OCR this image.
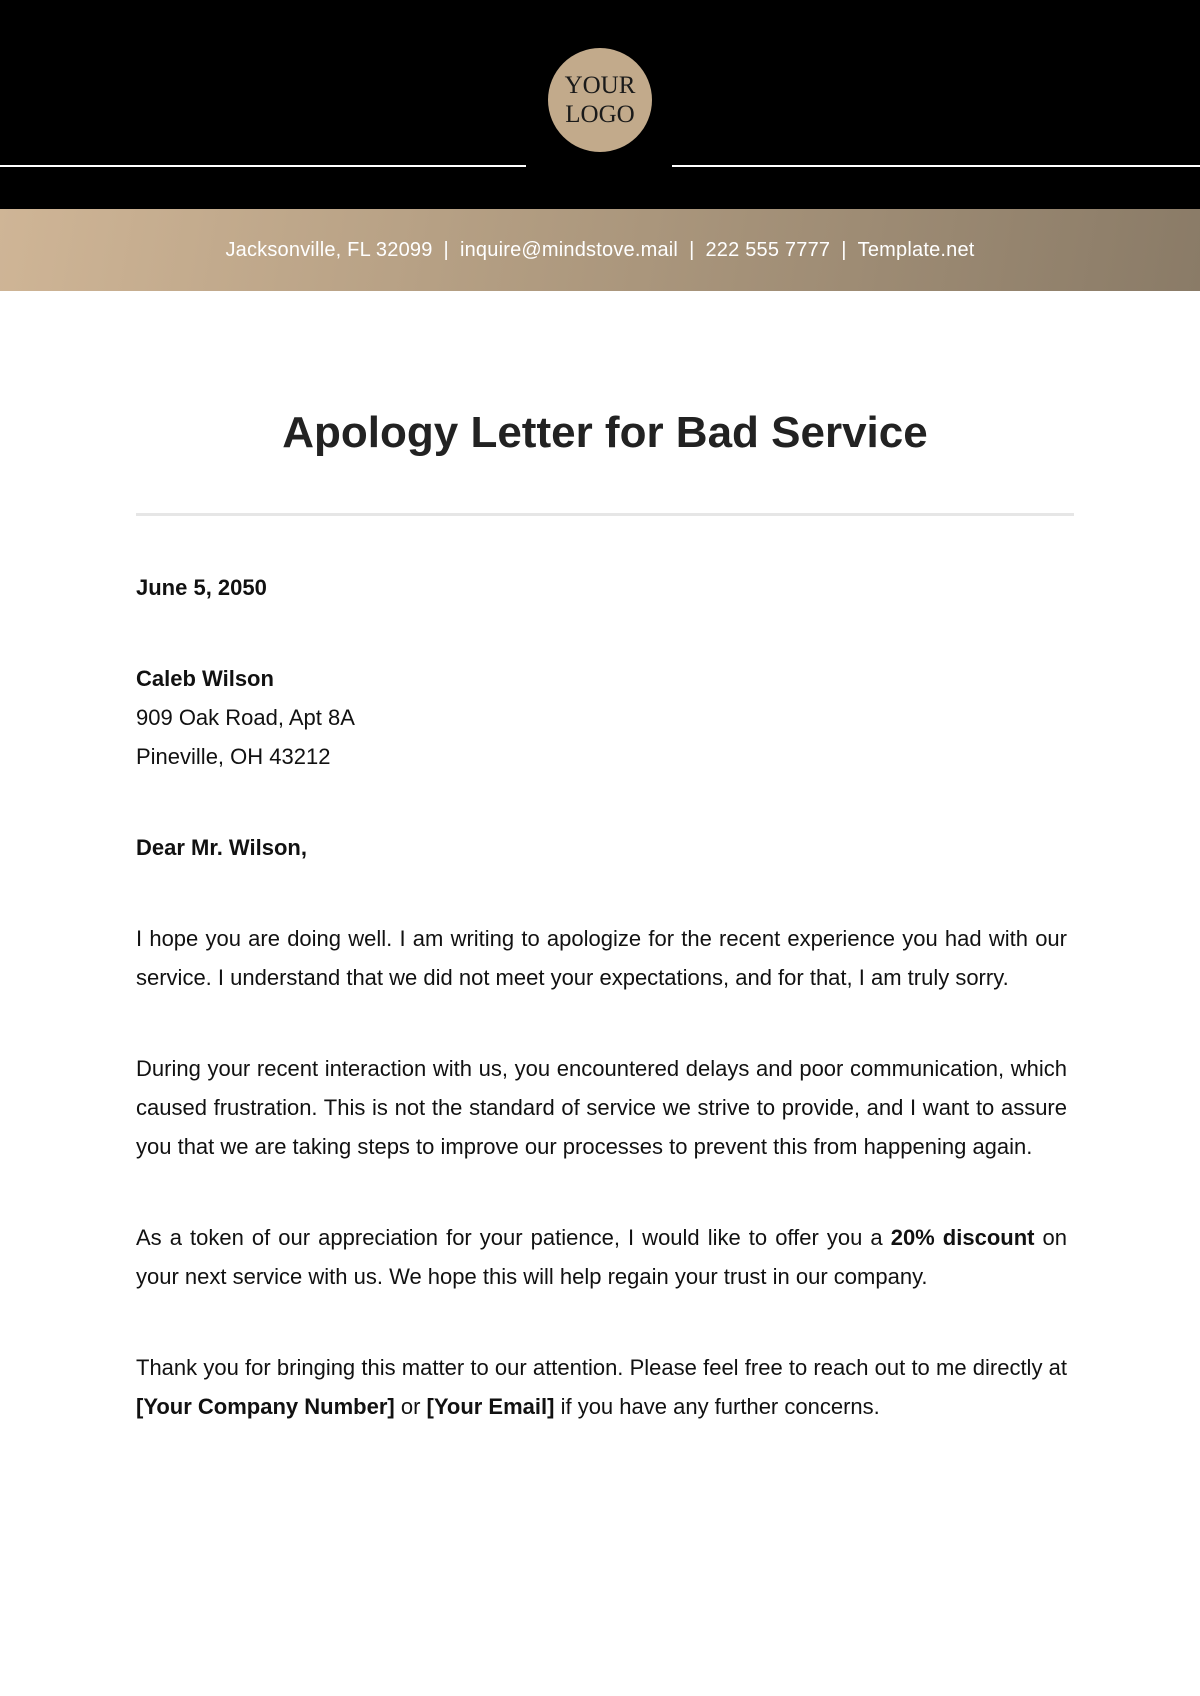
YOUR
LOGO
Jacksonville, FL 32099 | inquire@mindstove.mail | 222 555 7777 | Template.net
Apology Letter for Bad Service

June 5, 2050

Caleb Wilson

909 Oak Road, Apt 8A

Pineville, OH 43212

Dear Mr. Wilson,

I hope you are doing well. I am writing to apologize for the recent experience you had with our service. I understand that we did not meet your expectations, and for that, I am truly sorry.

During your recent interaction with us, you encountered delays and poor communication, which caused frustration. This is not the standard of service we strive to provide, and I want to assure you that we are taking steps to improve our processes to prevent this from happening again.

As a token of our appreciation for your patience, I would like to offer you a 20% discount on your next service with us. We hope this will help regain your trust in our company.

Thank you for bringing this matter to our attention. Please feel free to reach out to me directly at [Your Company Number] or [Your Email] if you have any further concerns.
